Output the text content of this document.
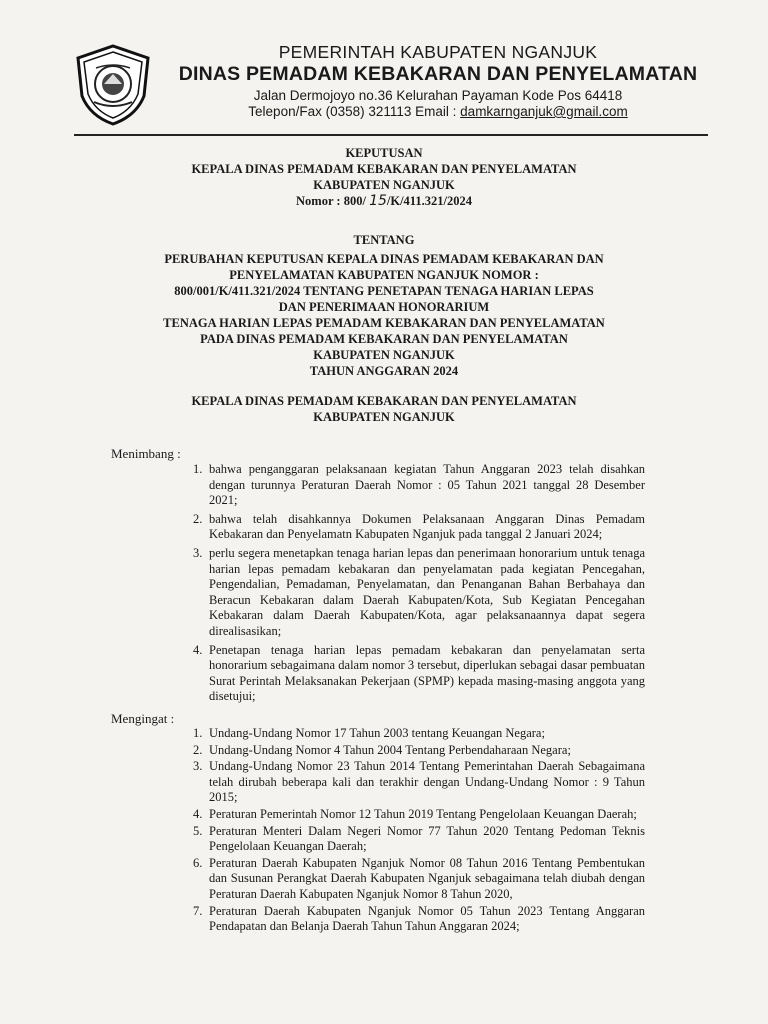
PEMERINTAH KABUPATEN NGANJUK
DINAS PEMADAM KEBAKARAN DAN PENYELAMATAN
Jalan Dermojoyo no.36 Kelurahan Payaman Kode Pos 64418
Telepon/Fax (0358) 321113 Email : damkarnganjuk@gmail.com
KEPUTUSAN
KEPALA DINAS PEMADAM KEBAKARAN DAN PENYELAMATAN
KABUPATEN NGANJUK
Nomor : 800/ 15/K/411.321/2024
TENTANG
PERUBAHAN KEPUTUSAN KEPALA DINAS PEMADAM KEBAKARAN DAN
PENYELAMATAN KABUPATEN NGANJUK NOMOR :
800/001/K/411.321/2024 TENTANG PENETAPAN TENAGA HARIAN LEPAS
DAN PENERIMAAN HONORARIUM
TENAGA HARIAN LEPAS PEMADAM KEBAKARAN DAN PENYELAMATAN
PADA DINAS PEMADAM KEBAKARAN DAN PENYELAMATAN
KABUPATEN NGANJUK
TAHUN ANGGARAN 2024
KEPALA DINAS PEMADAM KEBAKARAN DAN PENYELAMATAN
KABUPATEN NGANJUK
Menimbang :
1. bahwa penganggaran pelaksanaan kegiatan Tahun Anggaran 2023 telah disahkan dengan turunnya Peraturan Daerah Nomor : 05 Tahun 2021 tanggal 28 Desember 2021;
2. bahwa telah disahkannya Dokumen Pelaksanaan Anggaran Dinas Pemadam Kebakaran dan Penyelamatn Kabupaten Nganjuk pada tanggal 2 Januari 2024;
3. perlu segera menetapkan tenaga harian lepas dan penerimaan honorarium untuk tenaga harian lepas pemadam kebakaran dan penyelamatan pada kegiatan Pencegahan, Pengendalian, Pemadaman, Penyelamatan, dan Penanganan Bahan Berbahaya dan Beracun Kebakaran dalam Daerah Kabupaten/Kota, Sub Kegiatan Pencegahan Kebakaran dalam Daerah Kabupaten/Kota, agar pelaksanaannya dapat segera direalisasikan;
4. Penetapan tenaga harian lepas pemadam kebakaran dan penyelamatan serta honorarium sebagaimana dalam nomor 3 tersebut, diperlukan sebagai dasar pembuatan Surat Perintah Melaksanakan Pekerjaan (SPMP) kepada masing-masing anggota yang disetujui;
Mengingat :
1. Undang-Undang Nomor 17 Tahun 2003 tentang Keuangan Negara;
2. Undang-Undang Nomor 4 Tahun 2004 Tentang Perbendaharaan Negara;
3. Undang-Undang Nomor 23 Tahun 2014 Tentang Pemerintahan Daerah Sebagaimana telah dirubah beberapa kali dan terakhir dengan Undang-Undang Nomor : 9 Tahun 2015;
4. Peraturan Pemerintah Nomor 12 Tahun 2019 Tentang Pengelolaan Keuangan Daerah;
5. Peraturan Menteri Dalam Negeri Nomor 77 Tahun 2020 Tentang Pedoman Teknis Pengelolaan Keuangan Daerah;
6. Peraturan Daerah Kabupaten Nganjuk Nomor 08 Tahun 2016 Tentang Pembentukan dan Susunan Perangkat Daerah Kabupaten Nganjuk sebagaimana telah diubah dengan Peraturan Daerah Kabupaten Nganjuk Nomor 8 Tahun 2020,
7. Peraturan Daerah Kabupaten Nganjuk Nomor 05 Tahun 2023 Tentang Anggaran Pendapatan dan Belanja Daerah Tahun Tahun Anggaran 2024;
